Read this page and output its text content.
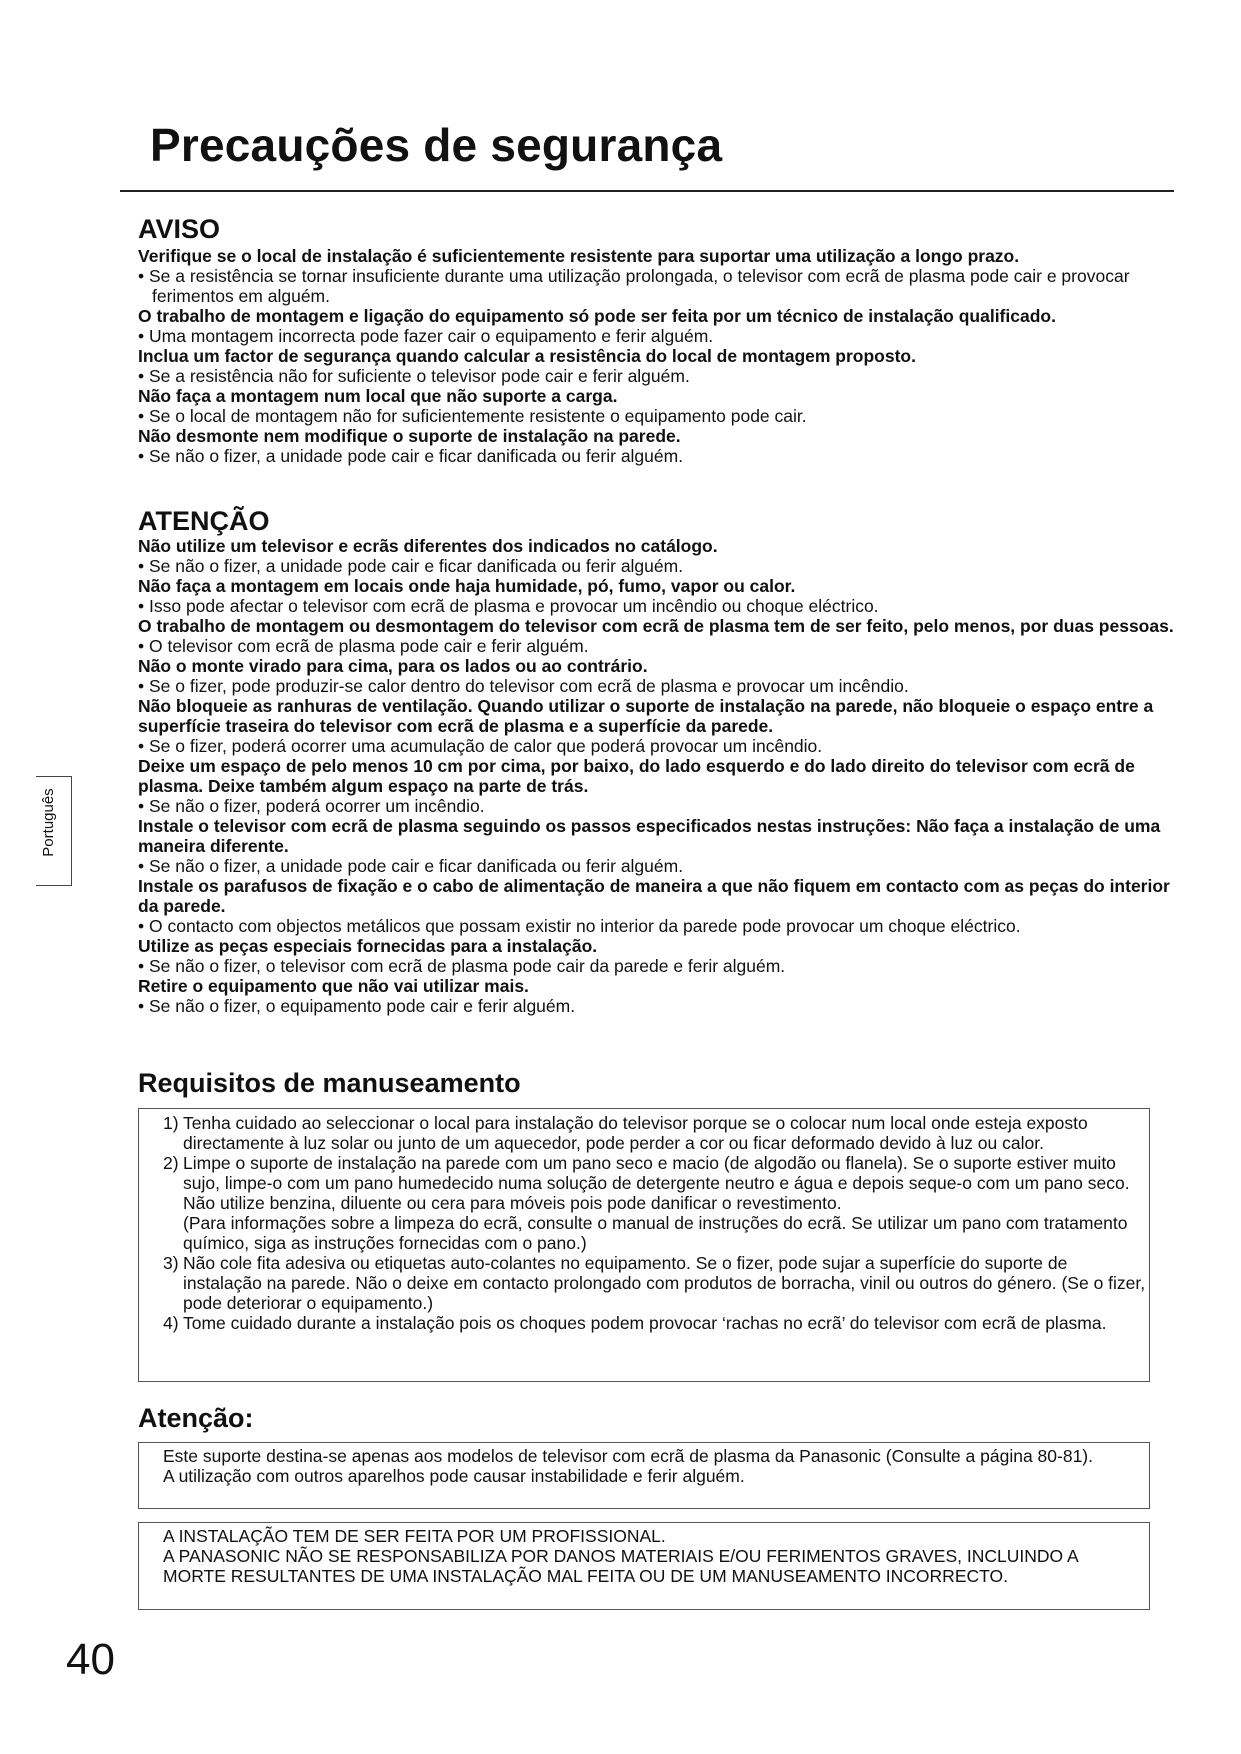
Precauções de segurança
AVISO
Verifique se o local de instalação é suficientemente resistente para suportar uma utilização a longo prazo.
• Se a resistência se tornar insuficiente durante uma utilização prolongada, o televisor com ecrã de plasma pode cair e provocar ferimentos em alguém.
O trabalho de montagem e ligação do equipamento só pode ser feita por um técnico de instalação qualificado.
• Uma montagem incorrecta pode fazer cair o equipamento e ferir alguém.
Inclua um factor de segurança quando calcular a resistência do local de montagem proposto.
• Se a resistência não for suficiente o televisor pode cair e ferir alguém.
Não faça a montagem num local que não suporte a carga.
• Se o local de montagem não for suficientemente resistente o equipamento pode cair.
Não desmonte nem modifique o suporte de instalação na parede.
• Se não o fizer, a unidade pode cair e ficar danificada ou ferir alguém.
ATENÇÃO
Não utilize um televisor e ecrãs diferentes dos indicados no catálogo.
• Se não o fizer, a unidade pode cair e ficar danificada ou ferir alguém.
Não faça a montagem em locais onde haja humidade, pó, fumo, vapor ou calor.
• Isso pode afectar o televisor com ecrã de plasma e provocar um incêndio ou choque eléctrico.
O trabalho de montagem ou desmontagem do televisor com ecrã de plasma tem de ser feito, pelo menos, por duas pessoas.
• O televisor com ecrã de plasma pode cair e ferir alguém.
Não o monte virado para cima, para os lados ou ao contrário.
• Se o fizer, pode produzir-se calor dentro do televisor com ecrã de plasma e provocar um incêndio.
Não bloqueie as ranhuras de ventilação. Quando utilizar o suporte de instalação na parede, não bloqueie o espaço entre a superfície traseira do televisor com ecrã de plasma e a superfície da parede.
• Se o fizer, poderá ocorrer uma acumulação de calor que poderá provocar um incêndio.
Deixe um espaço de pelo menos 10 cm por cima, por baixo, do lado esquerdo e do lado direito do televisor com ecrã de plasma. Deixe também algum espaço na parte de trás.
• Se não o fizer, poderá ocorrer um incêndio.
Instale o televisor com ecrã de plasma seguindo os passos especificados nestas instruções: Não faça a instalação de uma maneira diferente.
• Se não o fizer, a unidade pode cair e ficar danificada ou ferir alguém.
Instale os parafusos de fixação e o cabo de alimentação de maneira a que não fiquem em contacto com as peças do interior da parede.
• O contacto com objectos metálicos que possam existir no interior da parede pode provocar um choque eléctrico.
Utilize as peças especiais fornecidas para a instalação.
• Se não o fizer, o televisor com ecrã de plasma pode cair da parede e ferir alguém.
Retire o equipamento que não vai utilizar mais.
• Se não o fizer, o equipamento pode cair e ferir alguém.
Requisitos de manuseamento
1) Tenha cuidado ao seleccionar o local para instalação do televisor porque se o colocar num local onde esteja exposto directamente à luz solar ou junto de um aquecedor, pode perder a cor ou ficar deformado devido à luz ou calor.
2) Limpe o suporte de instalação na parede com um pano seco e macio (de algodão ou flanela). Se o suporte estiver muito sujo, limpe-o com um pano humedecido numa solução de detergente neutro e água e depois seque-o com um pano seco. Não utilize benzina, diluente ou cera para móveis pois pode danificar o revestimento.
(Para informações sobre a limpeza do ecrã, consulte o manual de instruções do ecrã. Se utilizar um pano com tratamento químico, siga as instruções fornecidas com o pano.)
3) Não cole fita adesiva ou etiquetas auto-colantes no equipamento. Se o fizer, pode sujar a superfície do suporte de instalação na parede. Não o deixe em contacto prolongado com produtos de borracha, vinil ou outros do género. (Se o fizer, pode deteriorar o equipamento.)
4) Tome cuidado durante a instalação pois os choques podem provocar ‘rachas no ecrã’ do televisor com ecrã de plasma.
Atenção:
Este suporte destina-se apenas aos modelos de televisor com ecrã de plasma da Panasonic (Consulte a página 80-81).
A utilização com outros aparelhos pode causar instabilidade e ferir alguém.
A INSTALAÇÃO TEM DE SER FEITA POR UM PROFISSIONAL.
A PANASONIC NÃO SE RESPONSABILIZA POR DANOS MATERIAIS E/OU FERIMENTOS GRAVES, INCLUINDO A MORTE RESULTANTES DE UMA INSTALAÇÃO MAL FEITA OU DE UM MANUSEAMENTO INCORRECTO.
Português
40
